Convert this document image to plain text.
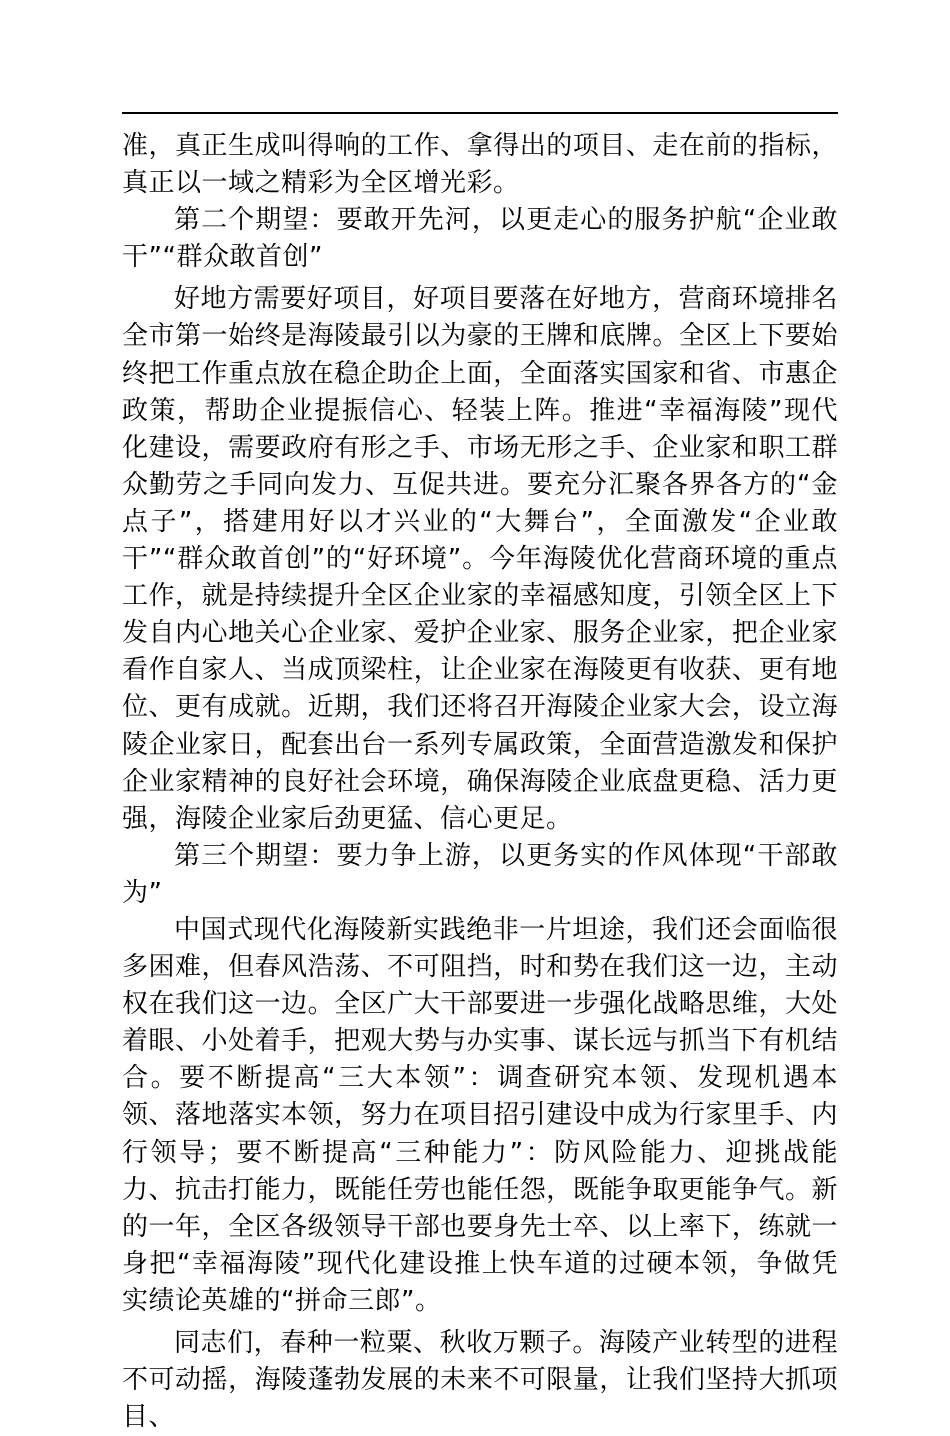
准，真正生成叫得响的工作、拿得出的项目、走在前的指标，真正以一域之精彩为全区增光彩。

第二个期望：要敢开先河，以更走心的服务护航“企业敢干”“群众敢首创”

好地方需要好项目，好项目要落在好地方，营商环境排名全市第一始终是海陵最引以为豪的王牌和底牌。全区上下要始终把工作重点放在稳企助企上面，全面落实国家和省、市惠企政策，帮助企业提振信心、轻装上阵。推进“幸福海陵”现代化建设，需要政府有形之手、市场无形之手、企业家和职工群众勤劳之手同向发力、互促共进。要充分汇聚各界各方的“金点子”，搭建用好以才兴业的“大舞台”，全面激发“企业敢干”“群众敢首创”的“好环境”。今年海陵优化营商环境的重点工作，就是持续提升全区企业家的幸福感知度，引领全区上下发自内心地关心企业家、爱护企业家、服务企业家，把企业家看作自家人、当成顶梁柱，让企业家在海陵更有收获、更有地位、更有成就。近期，我们还将召开海陵企业家大会，设立海陵企业家日，配套出台一系列专属政策，全面营造激发和保护企业家精神的良好社会环境，确保海陵企业底盘更稳、活力更强，海陵企业家后劲更猛、信心更足。

第三个期望：要力争上游，以更务实的作风体现“干部敢为”

中国式现代化海陵新实践绝非一片坦途，我们还会面临很多困难，但春风浩荡、不可阻挡，时和势在我们这一边，主动权在我们这一边。全区广大干部要进一步强化战略思维，大处着眼、小处着手，把观大势与办实事、谋长远与抓当下有机结合。要不断提高“三大本领”：调查研究本领、发现机遇本领、落地落实本领，努力在项目招引建设中成为行家里手、内行领导；要不断提高“三种能力”：防风险能力、迎挑战能力、抗击打能力，既能任劳也能任怨，既能争取更能争气。新的一年，全区各级领导干部也要身先士卒、以上率下，练就一身把“幸福海陵”现代化建设推上快车道的过硬本领，争做凭实绩论英雄的“拼命三郎”。

同志们，春种一粒粟、秋收万颗子。海陵产业转型的进程不可动摇，海陵蓬勃发展的未来不可限量，让我们坚持大抓项目、
